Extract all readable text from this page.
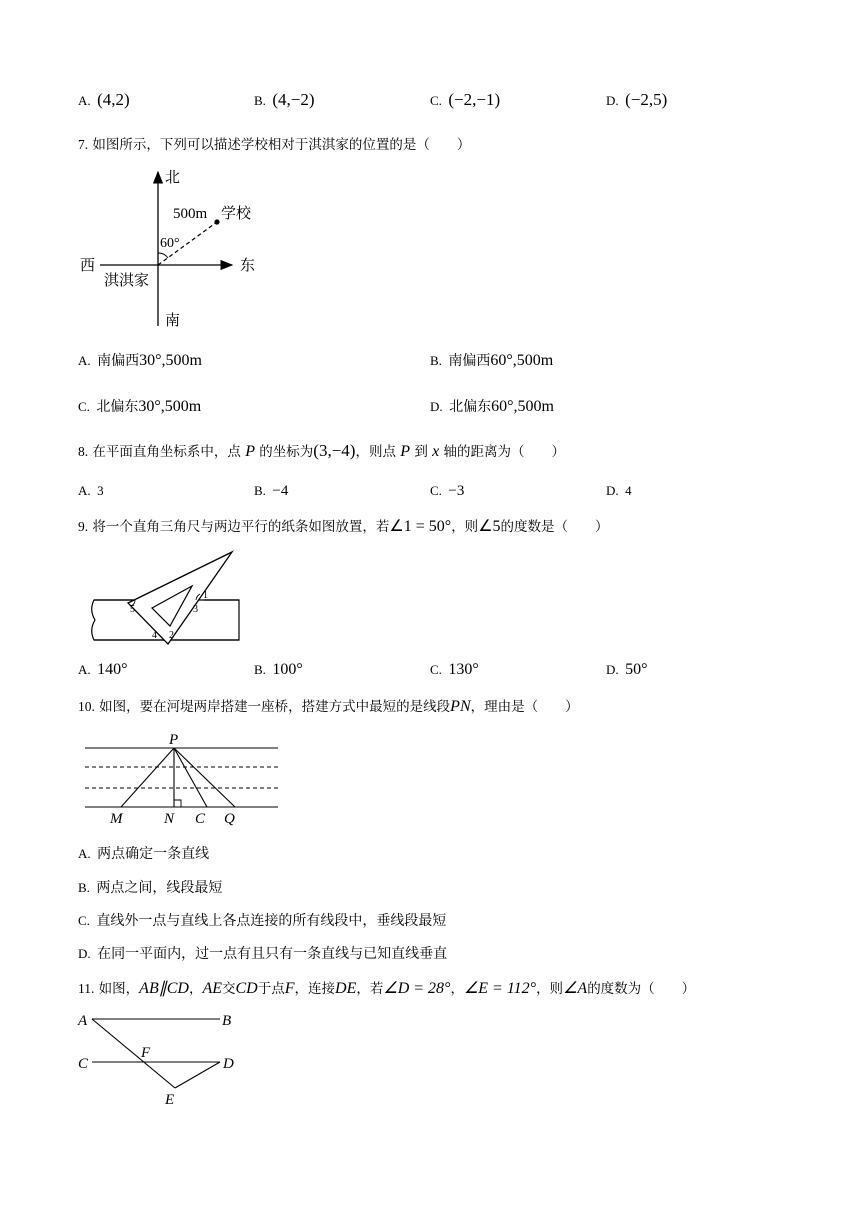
A. (4,2)	B. (4,−2)	C. (−2,−1)	D. (−2,5)
7. 如图所示，下列可以描述学校相对于淇淇家的位置的是（　　）
北
南
东
西
淇淇家
500m 学校
60°
A. 南偏西30°,500m	B. 南偏西60°,500m
C. 北偏东30°,500m	D. 北偏东60°,500m
8. 在平面直角坐标系中，点 P 的坐标为(3,−4)，则点 P 到 x 轴的距离为（　　）
A. 3	B. −4	C. −3	D. 4
9. 将一个直角三角尺与两边平行的纸条如图放置，若∠1 = 50°，则∠5的度数是（　　）
1
2
3
4
5
A. 140°	B. 100°	C. 130°	D. 50°
10. 如图，要在河堤两岸搭建一座桥，搭建方式中最短的是线段PN，理由是（　　）
P
M	N C Q
A. 两点确定一条直线
B. 两点之间，线段最短
C. 直线外一点与直线上各点连接的所有线段中，垂线段最短
D. 在同一平面内，过一点有且只有一条直线与已知直线垂直
11. 如图，AB∥CD，AE交CD于点F，连接DE，若∠D = 28°，∠E = 112°，则∠A的度数为（　　）
A	B
C	D
F
E
